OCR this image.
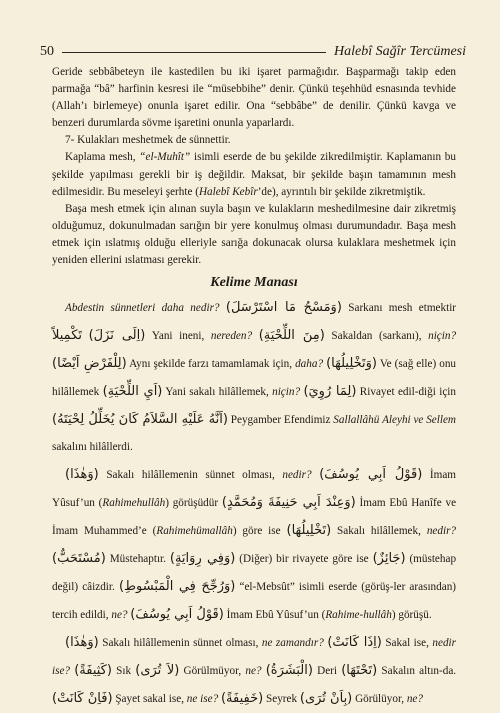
50	Halebî Sağîr Tercümesi

Geride sebbâbeteyn ile kastedilen bu iki işaret parmağıdır. Başparmağı takip eden parmağa “bâ” harfinin kesresi ile “müsebbihe” denir. Çünkü teşehhüd esnasında tevhide (Allah’ı birlemeye) onunla işaret edilir. Ona “sebbâbe” de denilir. Çünkü kavga ve benzeri durumlarda sövme işaretini onunla yaparlardı.

7- Kulakları meshetmek de sünnettir.

Kaplama mesh, “el-Muhît” isimli eserde de bu şekilde zikredilmiştir. Kaplamanın bu şekilde yapılması gerekli bir iş değildir. Maksat, bir şekilde başın tamamının mesh edilmesidir. Bu meseleyi şerhte (Halebî Kebîr’de), ayrıntılı bir şekilde zikretmiştik.

Başa mesh etmek için alınan suyla başın ve kulakların meshedilmesine dair zikretmiş olduğumuz, dokunulmadan sarığın bir yere konulmuş olması durumundadır. Başa mesh etmek için ıslatmış olduğu elleriyle sarığa dokunacak olursa kulaklara meshetmek için yeniden ellerini ıslatması gerekir.

Kelime Manası

Abdestin sünnetleri daha nedir? (وَمَسْحُ مَا اسْتَرْسَلَ) Sarkanı mesh etmektir تَكْمِيلاً (اِلَى نَزَلَ) Yani ineni, nereden? (مِنَ اللِّحْيَةِ) Sakaldan (sarkanı), niçin? (لِلْفَرْضِ اَيْضًا) Aynı şekilde farzı tamamlamak için, daha? (وَتَخْلِيلُهَا) Ve (sağ elle) onu hilâllemek (اَيِ اللِّحْيَةِ) Yani sakalı hilâllemek, niçin? (لِمَا رُوِيَ) Rivayet edil-diği için (اَنَّهُ عَلَيْهِ السَّلاَمُ كَانَ يُخَلِّلُ لِحْيَتَهُ) Peygamber Efendimiz Sallallâhü Aleyhi ve Sellem sakalını hilâllerdi.

(وَهٰذَا) Sakalı hilâllemenin sünnet olması, nedir? (قَوْلُ اَبِي يُوسُفَ) İmam Yûsuf’un (Rahimehullâh) görüşüdür (وَعِنْدَ اَبِي حَنِيفَةَ وَمُحَمَّدٍ) İmam Ebû Hanîfe ve İmam Muhammed’e (Rahimehümallâh) göre ise (تَخْلِيلُهَا) Sakalı hilâllemek, nedir? (مُسْتَحَبٌّ) Müstehaptır. (وَفِي رِوَايَةٍ) (Diğer) bir rivayete göre ise (جَائِزٌ) (müstehap değil) câizdir. (وَرُجِّحَ فِي الْمَبْسُوطِ) “el-Mebsût” isimli eserde (görüş-ler arasından) tercih edildi, ne? (قَوْلُ اَبِي يُوسُفَ) İmam Ebû Yûsuf’un (Rahime-hullâh) görüşü.

(وَهٰذَا) Sakalı hilâllemenin sünnet olması, ne zamandır? (اِذَا كَانَتْ) Sakal ise, nedir ise? (كَثِيفَةً) Sık (لاَ تُرَى) Görülmüyor, ne? (الْبَشَرَةُ) Deri (تَحْتَهَا) Sakalın altın-da. (فَاِنْ كَانَتْ) Şayet sakal ise, ne ise? (خَفِيفَةً) Seyrek (بِاَنْ تُرَى) Görülüyor, ne?
